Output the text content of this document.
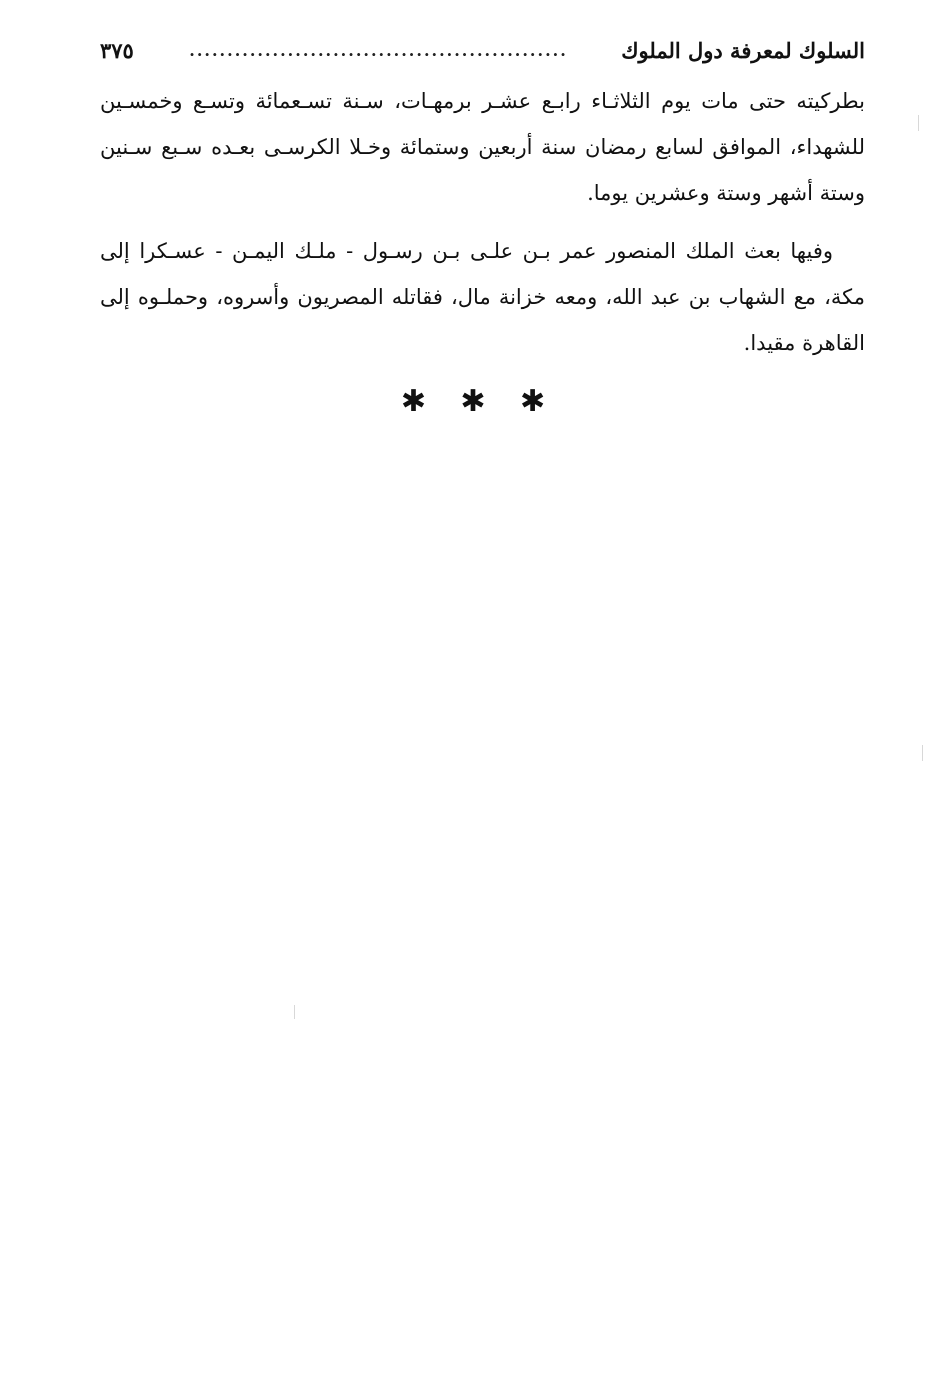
السلوك لمعرفة دول الملوك
..................................................
٣٧٥
بطركيته حتى مات يوم الثلاثـاء رابـع عشـر برمهـات، سـنة تسـعمائة وتسـع وخمسـين
للشهداء، الموافق لسابع رمضان سنة أربعين وستمائة وخـلا الكرسـى بعـده سـبع سـنين
وستة أشهر وستة وعشرين يوما.
وفيها بعث الملك المنصور عمر بـن علـى بـن رسـول - ملـك اليمـن - عسـكرا إلى
مكة، مع الشهاب بن عبد الله، ومعه خزانة مال، فقاتله المصريون وأسروه، وحملـوه إلى
القاهرة مقيدا.
✱ ✱ ✱
